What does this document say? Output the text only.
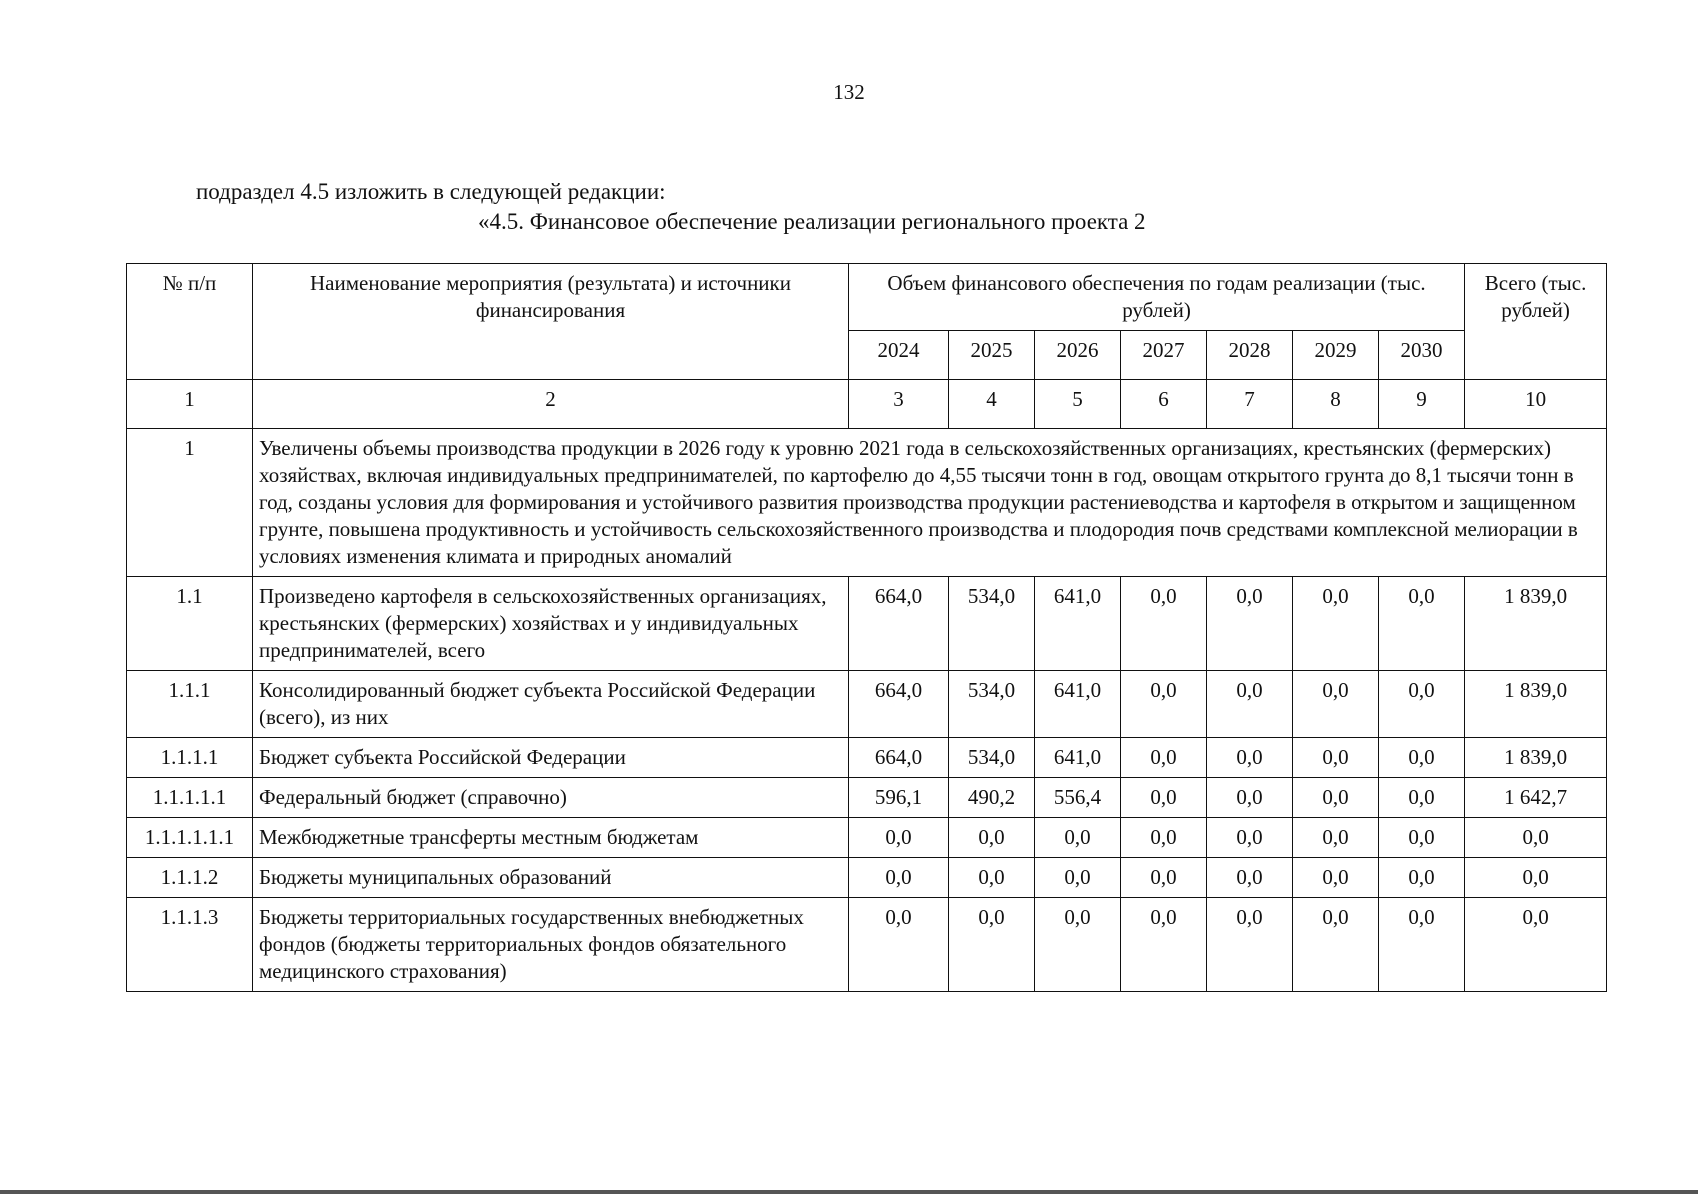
132
подраздел 4.5 изложить в следующей редакции:
«4.5. Финансовое обеспечение реализации регионального проекта 2
№ п/п	Наименование мероприятия (результата) и источники финансирования	Объем финансового обеспечения по годам реализации (тыс. рублей)							Всего (тыс. рублей)
		2024	2025	2026	2027	2028	2029	2030	
1	2	3	4	5	6	7	8	9	10
1	Увеличены объемы производства продукции в 2026 году к уровню 2021 года в сельскохозяйственных организациях, крестьянских (фермерских) хозяйствах, включая индивидуальных предпринимателей, по картофелю до 4,55 тысячи тонн в год, овощам открытого грунта до 8,1 тысячи тонн в год, созданы условия для формирования и устойчивого развития производства продукции растениеводства и картофеля в открытом и защищенном грунте, повышена продуктивность и устойчивость сельскохозяйственного производства и плодородия почв средствами комплексной мелиорации в условиях изменения климата и природных аномалий								
1.1	Произведено картофеля в сельскохозяйственных организациях, крестьянских (фермерских) хозяйствах и у индивидуальных предпринимателей, всего	664,0	534,0	641,0	0,0	0,0	0,0	0,0	1 839,0
1.1.1	Консолидированный бюджет субъекта Российской Федерации (всего), из них	664,0	534,0	641,0	0,0	0,0	0,0	0,0	1 839,0
1.1.1.1	Бюджет субъекта Российской Федерации	664,0	534,0	641,0	0,0	0,0	0,0	0,0	1 839,0
1.1.1.1.1	Федеральный бюджет (справочно)	596,1	490,2	556,4	0,0	0,0	0,0	0,0	1 642,7
1.1.1.1.1.1	Межбюджетные трансферты местным бюджетам	0,0	0,0	0,0	0,0	0,0	0,0	0,0	0,0
1.1.1.2	Бюджеты муниципальных образований	0,0	0,0	0,0	0,0	0,0	0,0	0,0	0,0
1.1.1.3	Бюджеты территориальных государственных внебюджетных фондов (бюджеты территориальных фондов обязательного медицинского страхования)	0,0	0,0	0,0	0,0	0,0	0,0	0,0	0,0
